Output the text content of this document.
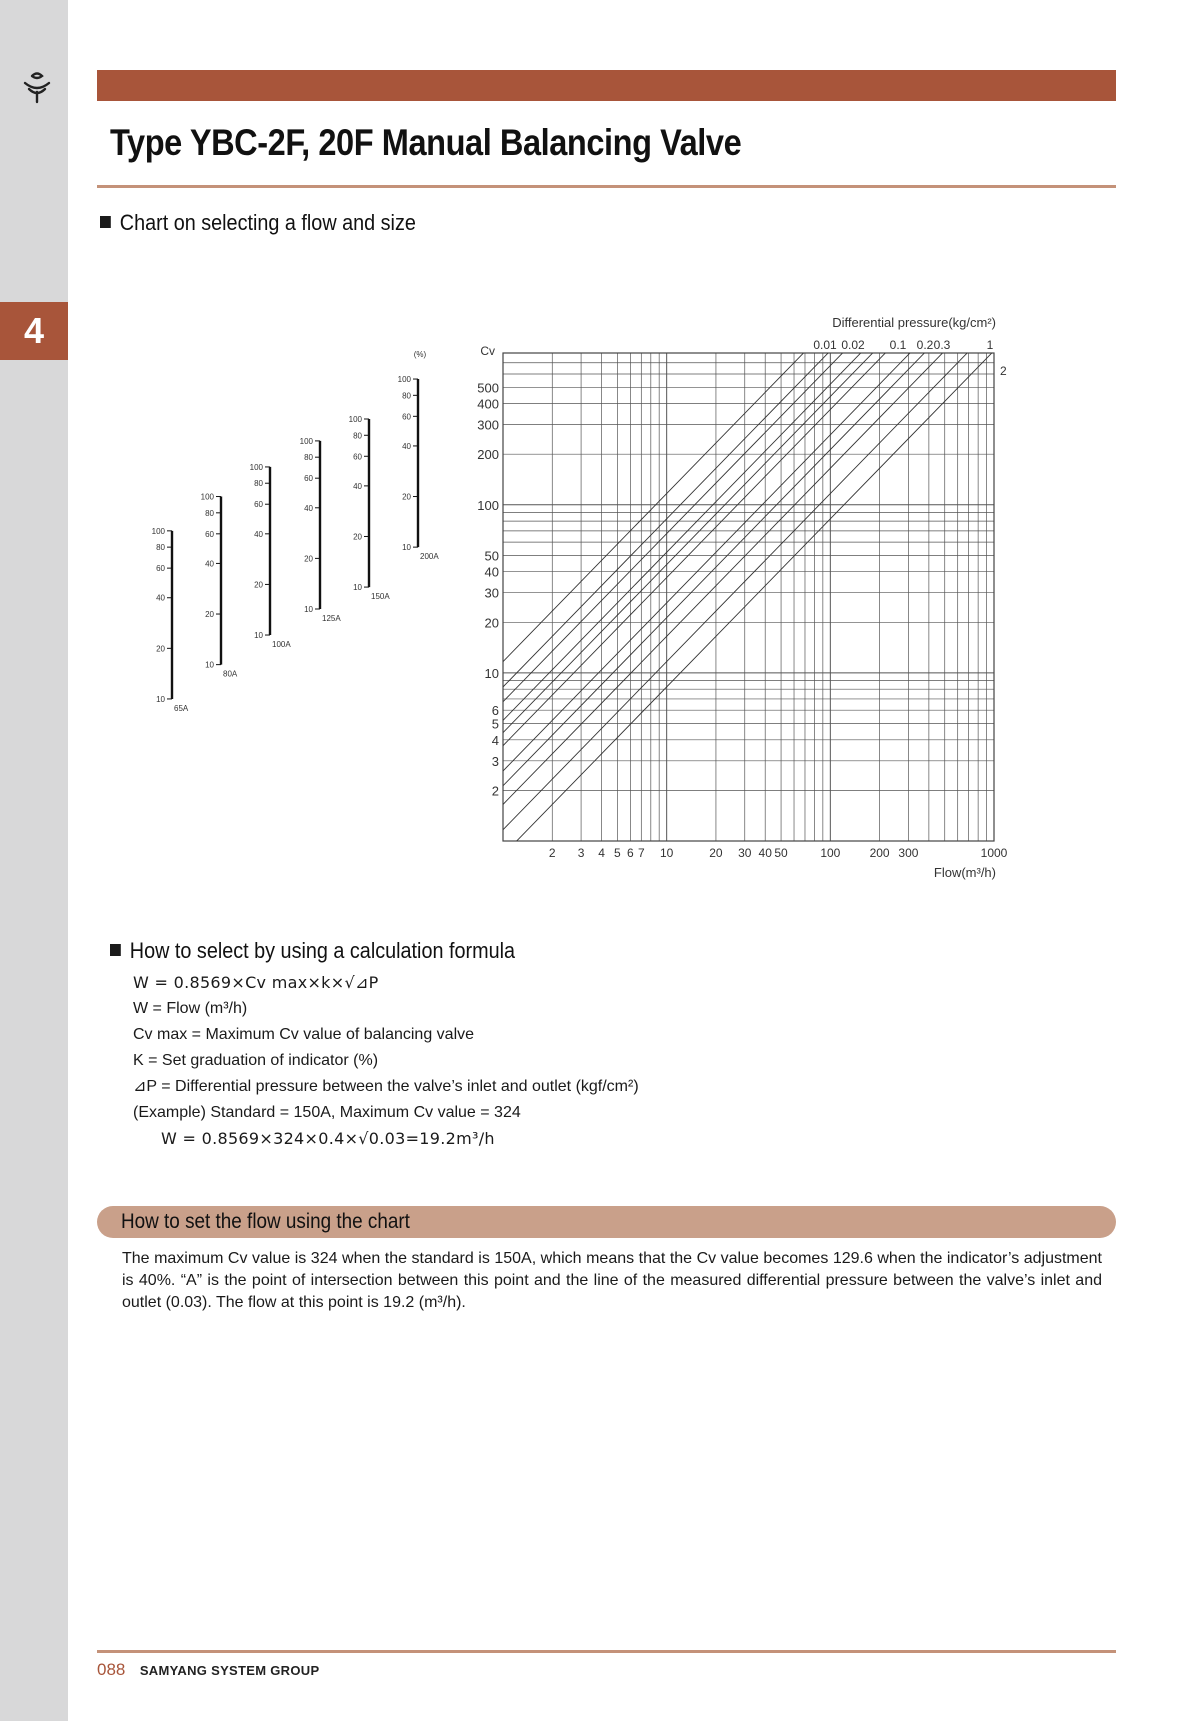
4
Type YBC-2F, 20F Manual Balancing Valve
Chart on selecting a flow and size
2 3 4 5 6 7 10	20 30 40 50	100 200 300	1000
Flow(m³/h)
2
3
4
5
6
10
20
30
40
50
100
200
300
400
500
Cv
Differential pressure(kg/cm²)
0.01 0.02 0.1 0.2 0.3	1
2
(%)
100
80
60
40
20
10
65A
100
80
60
40
20
10
80A
100
80
60
40
20
10
100A
100
80
60
40
20
10
125A
100
80
60
40
20
10
150A
100
80
60
40
20
10
200A
How to select by using a calculation formula
W = 0.8569×Cv max×k×√⊿P
W = Flow (m³/h)
Cv max = Maximum Cv value of balancing valve
K = Set graduation of indicator (%)
⊿P = Differential pressure between the valve’s inlet and outlet (kgf/cm²)
(Example) Standard = 150A, Maximum Cv value = 324
W = 0.8569×324×0.4×√0.03=19.2m³/h
How to set the flow using the chart

The maximum Cv value is 324 when the standard is 150A, which means that the Cv value becomes 129.6 when the indicator’s adjustment is 40%. “A” is the point of intersection between this point and the line of the measured differential pressure between the valve’s inlet and outlet (0.03). The flow at this point is 19.2 (m³/h).

088 SAMYANG SYSTEM GROUP
